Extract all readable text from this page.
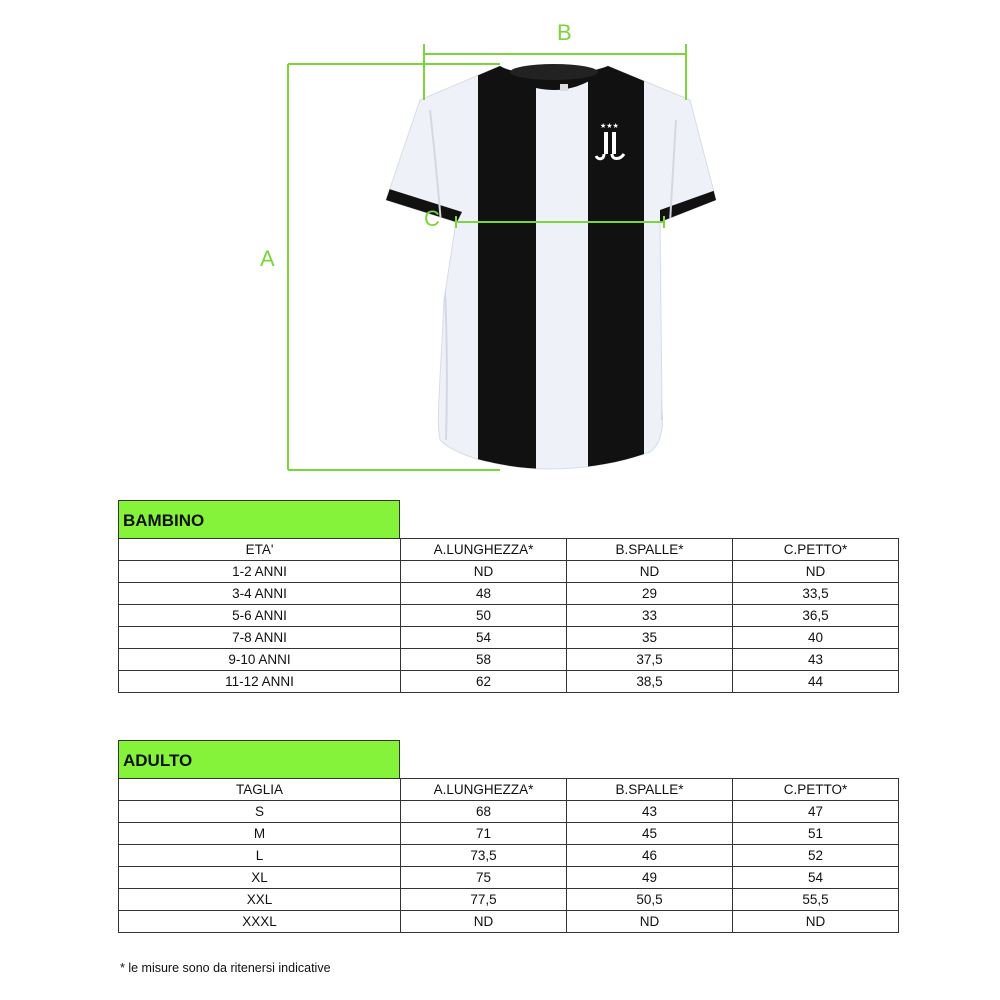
★★★
A
B
C
BAMBINO
ETA'	A.LUNGHEZZA*	B.SPALLE*	C.PETTO*
1-2 ANNI	ND	ND	ND
3-4 ANNI	48	29	33,5
5-6 ANNI	50	33	36,5
7-8 ANNI	54	35	40
9-10 ANNI	58	37,5	43
11-12 ANNI	62	38,5	44
ADULTO
TAGLIA	A.LUNGHEZZA*	B.SPALLE*	C.PETTO*
S	68	43	47
M	71	45	51
L	73,5	46	52
XL	75	49	54
XXL	77,5	50,5	55,5
XXXL	ND	ND	ND
* le misure sono da ritenersi indicative
